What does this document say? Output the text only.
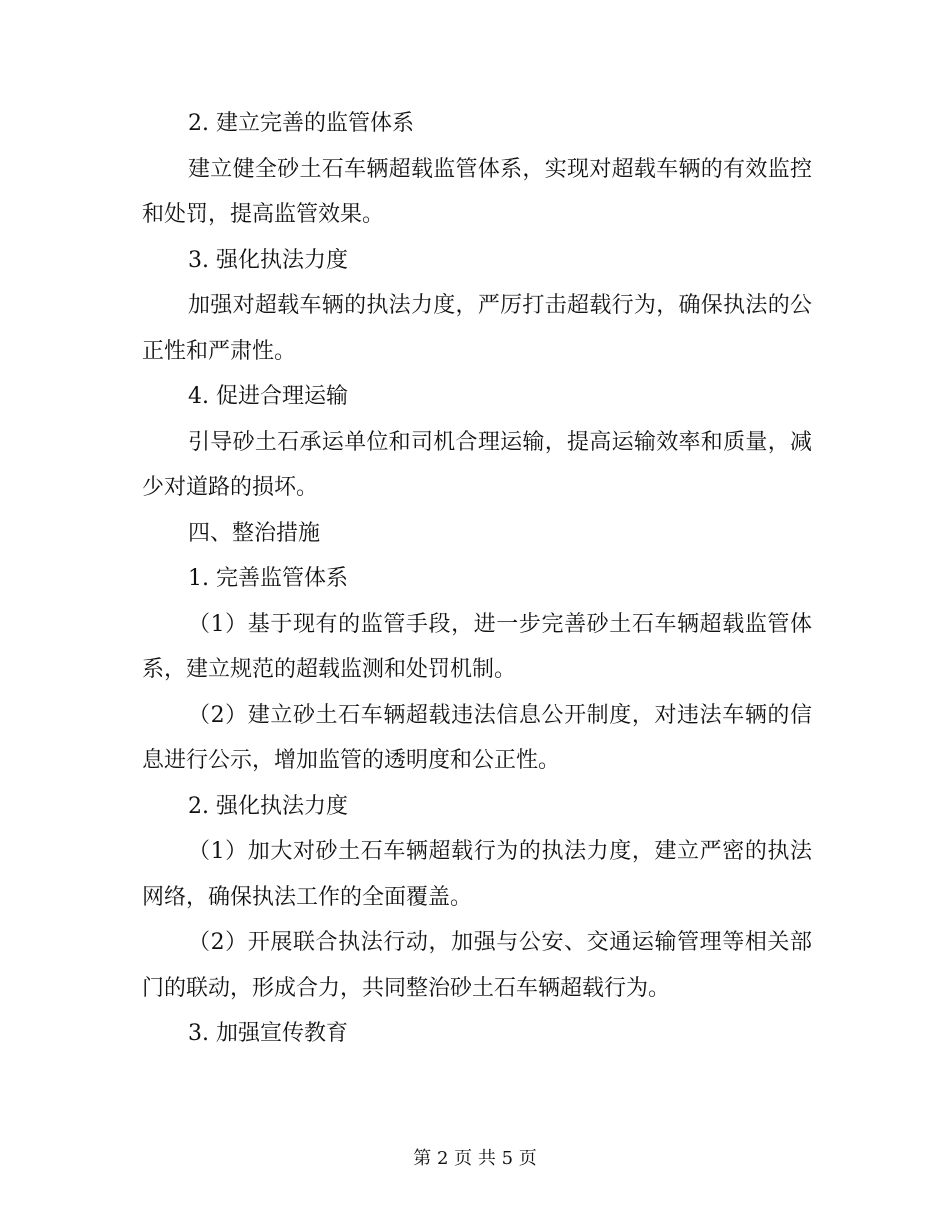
2. 建立完善的监管体系

建立健全砂土石车辆超载监管体系，实现对超载车辆的有效监控和处罚，提高监管效果。

3. 强化执法力度

加强对超载车辆的执法力度，严厉打击超载行为，确保执法的公正性和严肃性。

4. 促进合理运输

引导砂土石承运单位和司机合理运输，提高运输效率和质量，减少对道路的损坏。

四、整治措施

1. 完善监管体系

（1）基于现有的监管手段，进一步完善砂土石车辆超载监管体系，建立规范的超载监测和处罚机制。

（2）建立砂土石车辆超载违法信息公开制度，对违法车辆的信息进行公示，增加监管的透明度和公正性。

2. 强化执法力度

（1）加大对砂土石车辆超载行为的执法力度，建立严密的执法网络，确保执法工作的全面覆盖。

（2）开展联合执法行动，加强与公安、交通运输管理等相关部门的联动，形成合力，共同整治砂土石车辆超载行为。

3. 加强宣传教育

第 2 页 共 5 页
